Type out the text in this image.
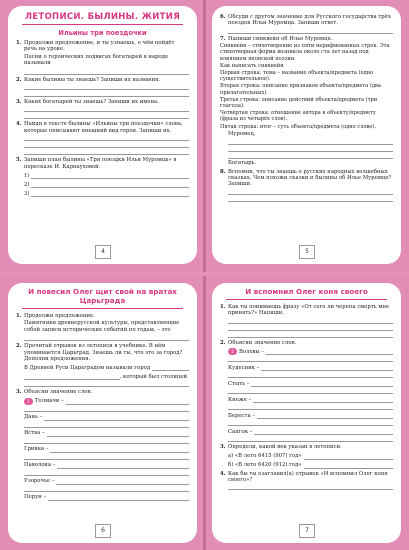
ЛЕТОПИСИ. БЫЛИНЫ. ЖИТИЯ
Ильины три поездочки
1. Продолжи предложение, и ты узнаешь, о чём пойдёт речь на уроке.
Песни о героических подвигах богатырей в народе называли
2. Какие былины ты знаешь? Запиши их названия.
3. Каких богатырей ты знаешь? Запиши их имена.
4. Найди в тексте былины «Ильины три поездочки» слова, которые описывают внешний вид героя. Запиши их.
5. Запиши план былины «Три поездки Ильи Муромца» в пересказе И. Карнауховой.
1)
2)
3)
4
6. Обсуди с другом значение для Русского государства трёх поездок Ильи Муромца. Запиши ответ.
7. Напиши синквейн об Илье Муромце.
Синквейн – стихотворение из пяти нерифмованных строк. Эта стихотворная форма возникла около ста лет назад под влиянием японской поэзии.
Как написать синквейн
Первая строка: тема – название объекта/предмета (одно существительное).
Вторая строка: описание признаков объекта/предмета (два прилагательных).
Третья строка: описание действий объекта/предмета (три глагола).
Четвёртая строка: отношение автора к объекту/предмету (фраза из четырёх слов).
Пятая строка: итог – суть объекта/предмета (одно слово).
Муромец,
Богатырь.
8. Вспомни, что ты знаешь о русских народных волшебных сказках. Чем похожи сказки и былины об Илье Муромце? Запиши.
5
И повесил Олег щит свой на вратах Царьграда
1. Продолжи предложение.
Памятники древнерусской культуры, представляющие собой записи исторических событий по годам, – это
2. Прочитай отрывок из летописи в учебнике. В нём упоминается Царьград. Знаешь ли ты, что это за город? Дополни предложения.
В Древней Руси Царьградом называли город
, который был столицей
3. Объясни значение слов.
1 Толмачи –
Дань –
Яства –
Гривна –
Паволока –
Узорочье –
Перун –
6
И вспомнил Олег коня своего
1. Как ты понимаешь фразу «От сего ли черепа смерть мне принять?» Напиши.
2. Объясни значение слов.
2 Волхвы –
Кудесник –
Стыть –
Кнеже –
Береста –
Сапгок –
3. Определи, какой век указан в летописи.
а) «В лето 6415 (907) год»
б) «В лето 6420 (912) год»
4. Как бы ты озаглавил(а) отрывок «И вспомнил Олег коня своего»?
7
